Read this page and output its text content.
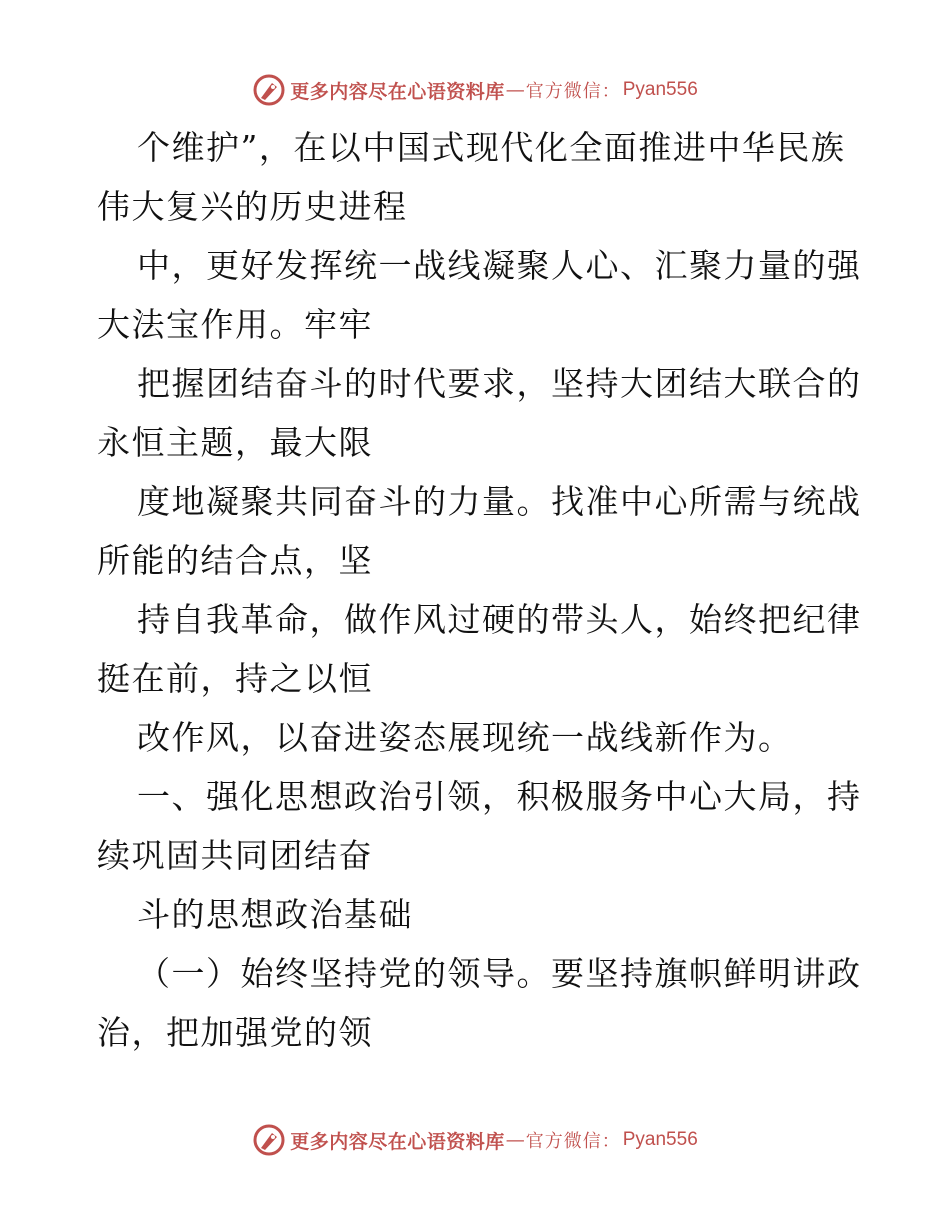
更多内容尽在心语资料库 — 官方微信： Pyan556
个维护”，在以中国式现代化全面推进中华民族
伟大复兴的历史进程
中，更好发挥统一战线凝聚人心、汇聚力量的强
大法宝作用。牢牢
把握团结奋斗的时代要求，坚持大团结大联合的
永恒主题，最大限
度地凝聚共同奋斗的力量。找准中心所需与统战
所能的结合点，坚
持自我革命，做作风过硬的带头人，始终把纪律
挺在前，持之以恒
改作风，以奋进姿态展现统一战线新作为。
一、强化思想政治引领，积极服务中心大局，持
续巩固共同团结奋
斗的思想政治基础
（一）始终坚持党的领导。要坚持旗帜鲜明讲政
治，把加强党的领
更多内容尽在心语资料库 — 官方微信： Pyan556
